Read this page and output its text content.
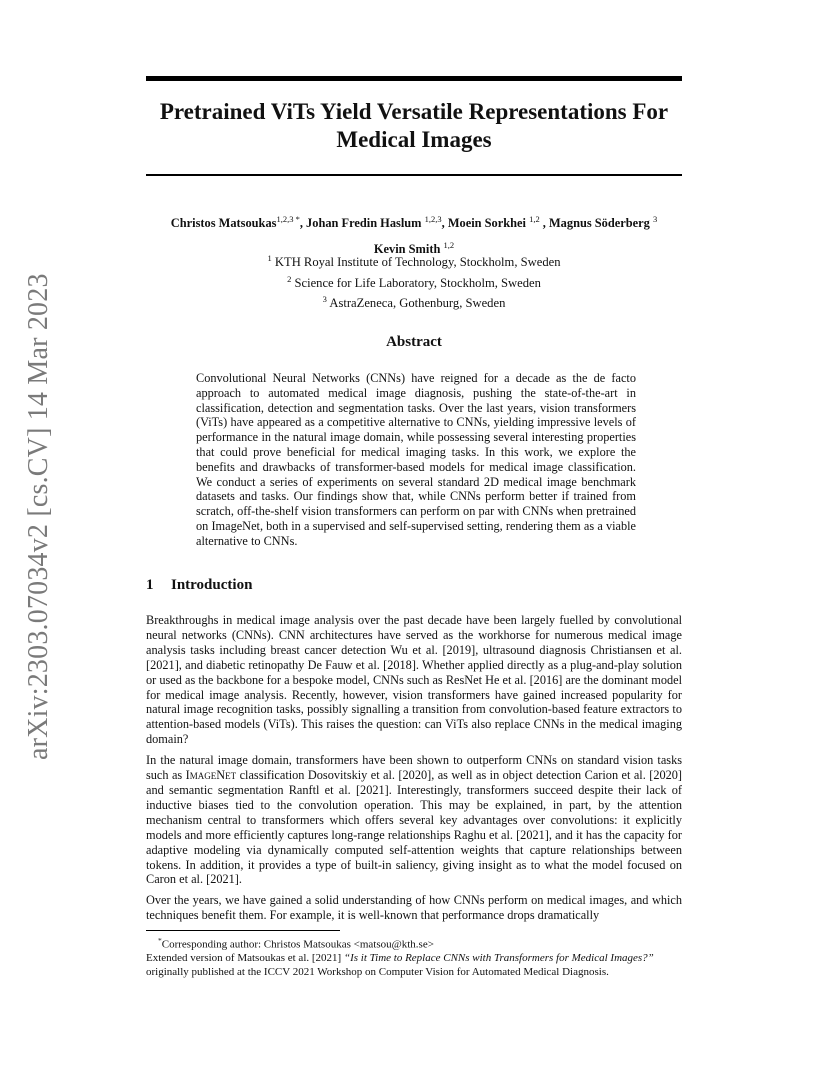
arXiv:2303.07034v2 [cs.CV] 14 Mar 2023
Pretrained ViTs Yield Versatile Representations For Medical Images
Christos Matsoukas$^{1,2,3 *}$, Johan Fredin Haslum $^{1,2,3}$, Moein Sorkhei $^{1,2}$ , Magnus Söderberg $^3$
Kevin Smith $^{1,2}$
$^1$ KTH Royal Institute of Technology, Stockholm, Sweden
$^2$ Science for Life Laboratory, Stockholm, Sweden
$^3$ AstraZeneca, Gothenburg, Sweden
Abstract
Convolutional Neural Networks (CNNs) have reigned for a decade as the de facto approach to automated medical image diagnosis, pushing the state-of-the-art in classification, detection and segmentation tasks. Over the last years, vision transformers (ViTs) have appeared as a competitive alternative to CNNs, yielding impressive levels of performance in the natural image domain, while possessing several interesting properties that could prove beneficial for medical imaging tasks. In this work, we explore the benefits and drawbacks of transformer-based models for medical image classification. We conduct a series of experiments on several standard 2D medical image benchmark datasets and tasks. Our findings show that, while CNNs perform better if trained from scratch, off-the-shelf vision transformers can perform on par with CNNs when pretrained on ImageNet, both in a supervised and self-supervised setting, rendering them as a viable alternative to CNNs.
1 Introduction

Breakthroughs in medical image analysis over the past decade have been largely fuelled by convolutional neural networks (CNNs). CNN architectures have served as the workhorse for numerous medical image analysis tasks including breast cancer detection Wu et al. [2019], ultrasound diagnosis Christiansen et al. [2021], and diabetic retinopathy De Fauw et al. [2018]. Whether applied directly as a plug-and-play solution or used as the backbone for a bespoke model, CNNs such as ResNet He et al. [2016] are the dominant model for medical image analysis. Recently, however, vision transformers have gained increased popularity for natural image recognition tasks, possibly signalling a transition from convolution-based feature extractors to attention-based models (ViTs). This raises the question: can ViTs also replace CNNs in the medical imaging domain?

In the natural image domain, transformers have been shown to outperform CNNs on standard vision tasks such as ImageNet classification Dosovitskiy et al. [2020], as well as in object detection Carion et al. [2020] and semantic segmentation Ranftl et al. [2021]. Interestingly, transformers succeed despite their lack of inductive biases tied to the convolution operation. This may be explained, in part, by the attention mechanism central to transformers which offers several key advantages over convolutions: it explicitly models and more efficiently captures long-range relationships Raghu et al. [2021], and it has the capacity for adaptive modeling via dynamically computed self-attention weights that capture relationships between tokens. In addition, it provides a type of built-in saliency, giving insight as to what the model focused on Caron et al. [2021].

Over the years, we have gained a solid understanding of how CNNs perform on medical images, and which techniques benefit them. For example, it is well-known that performance drops dramatically

*Corresponding author: Christos Matsoukas <matsou@kth.se>
Extended version of Matsoukas et al. [2021] “Is it Time to Replace CNNs with Transformers for Medical Images?”
originally published at the ICCV 2021 Workshop on Computer Vision for Automated Medical Diagnosis.
